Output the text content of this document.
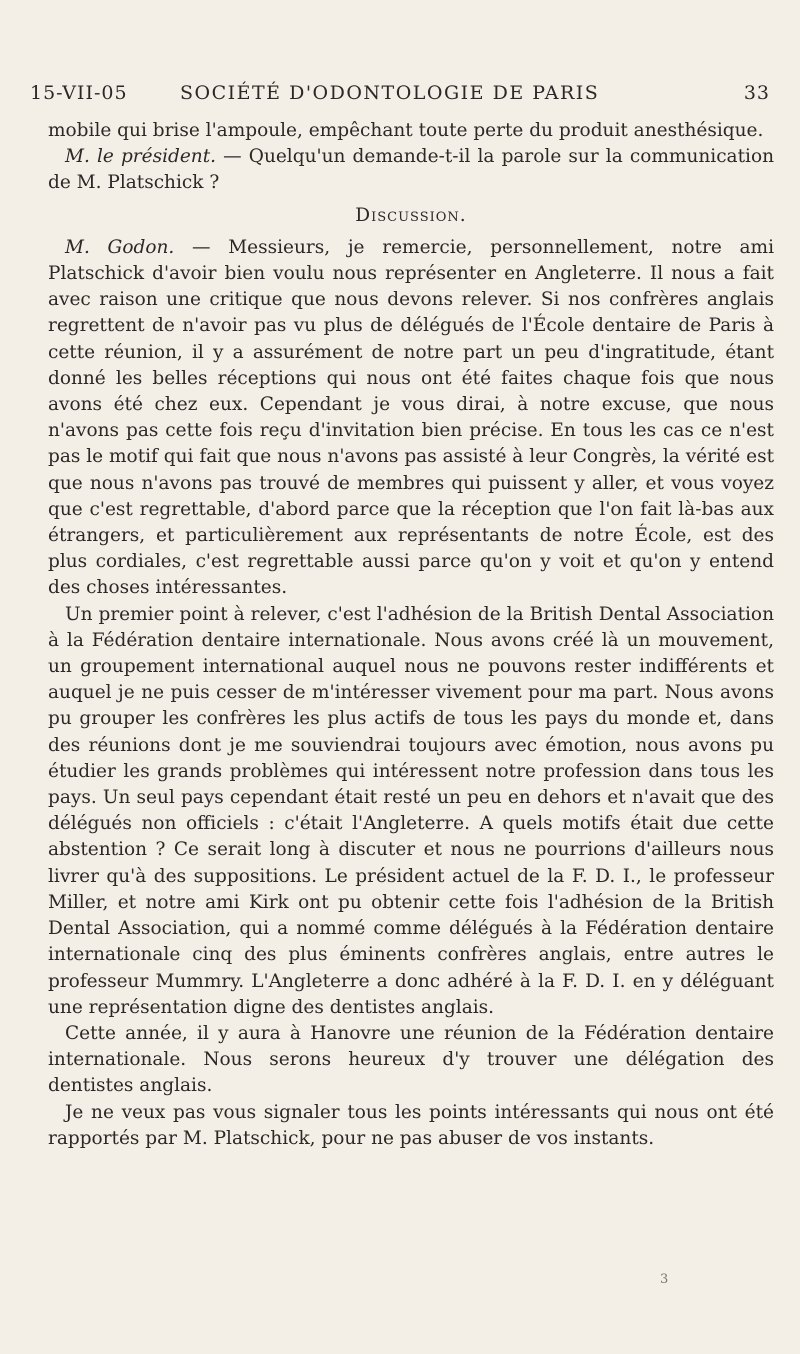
15-VII-05	SOCIÉTÉ D'ODONTOLOGIE DE PARIS	33

mobile qui brise l'ampoule, empêchant toute perte du produit anesthésique.

M. le président. — Quelqu'un demande-t-il la parole sur la communication de M. Platschick ?

Discussion.

M. Godon. — Messieurs, je remercie, personnellement, notre ami Platschick d'avoir bien voulu nous représenter en Angleterre. Il nous a fait avec raison une critique que nous devons relever. Si nos confrères anglais regrettent de n'avoir pas vu plus de délégués de l'École dentaire de Paris à cette réunion, il y a assurément de notre part un peu d'ingratitude, étant donné les belles réceptions qui nous ont été faites chaque fois que nous avons été chez eux. Cependant je vous dirai, à notre excuse, que nous n'avons pas cette fois reçu d'invitation bien précise. En tous les cas ce n'est pas le motif qui fait que nous n'avons pas assisté à leur Congrès, la vérité est que nous n'avons pas trouvé de membres qui puissent y aller, et vous voyez que c'est regrettable, d'abord parce que la réception que l'on fait là-bas aux étrangers, et particulièrement aux représentants de notre École, est des plus cordiales, c'est regrettable aussi parce qu'on y voit et qu'on y entend des choses intéressantes.

Un premier point à relever, c'est l'adhésion de la British Dental Association à la Fédération dentaire internationale. Nous avons créé là un mouvement, un groupement international auquel nous ne pouvons rester indifférents et auquel je ne puis cesser de m'intéresser vivement pour ma part. Nous avons pu grouper les confrères les plus actifs de tous les pays du monde et, dans des réunions dont je me souviendrai toujours avec émotion, nous avons pu étudier les grands problèmes qui intéressent notre profession dans tous les pays. Un seul pays cependant était resté un peu en dehors et n'avait que des délégués non officiels : c'était l'Angleterre. A quels motifs était due cette abstention ? Ce serait long à discuter et nous ne pourrions d'ailleurs nous livrer qu'à des suppositions. Le président actuel de la F. D. I., le professeur Miller, et notre ami Kirk ont pu obtenir cette fois l'adhésion de la British Dental Association, qui a nommé comme délégués à la Fédération dentaire internationale cinq des plus éminents confrères anglais, entre autres le professeur Mummry. L'Angleterre a donc adhéré à la F. D. I. en y déléguant une représentation digne des dentistes anglais.

Cette année, il y aura à Hanovre une réunion de la Fédération dentaire internationale. Nous serons heureux d'y trouver une délégation des dentistes anglais.

Je ne veux pas vous signaler tous les points intéressants qui nous ont été rapportés par M. Platschick, pour ne pas abuser de vos instants.

3
